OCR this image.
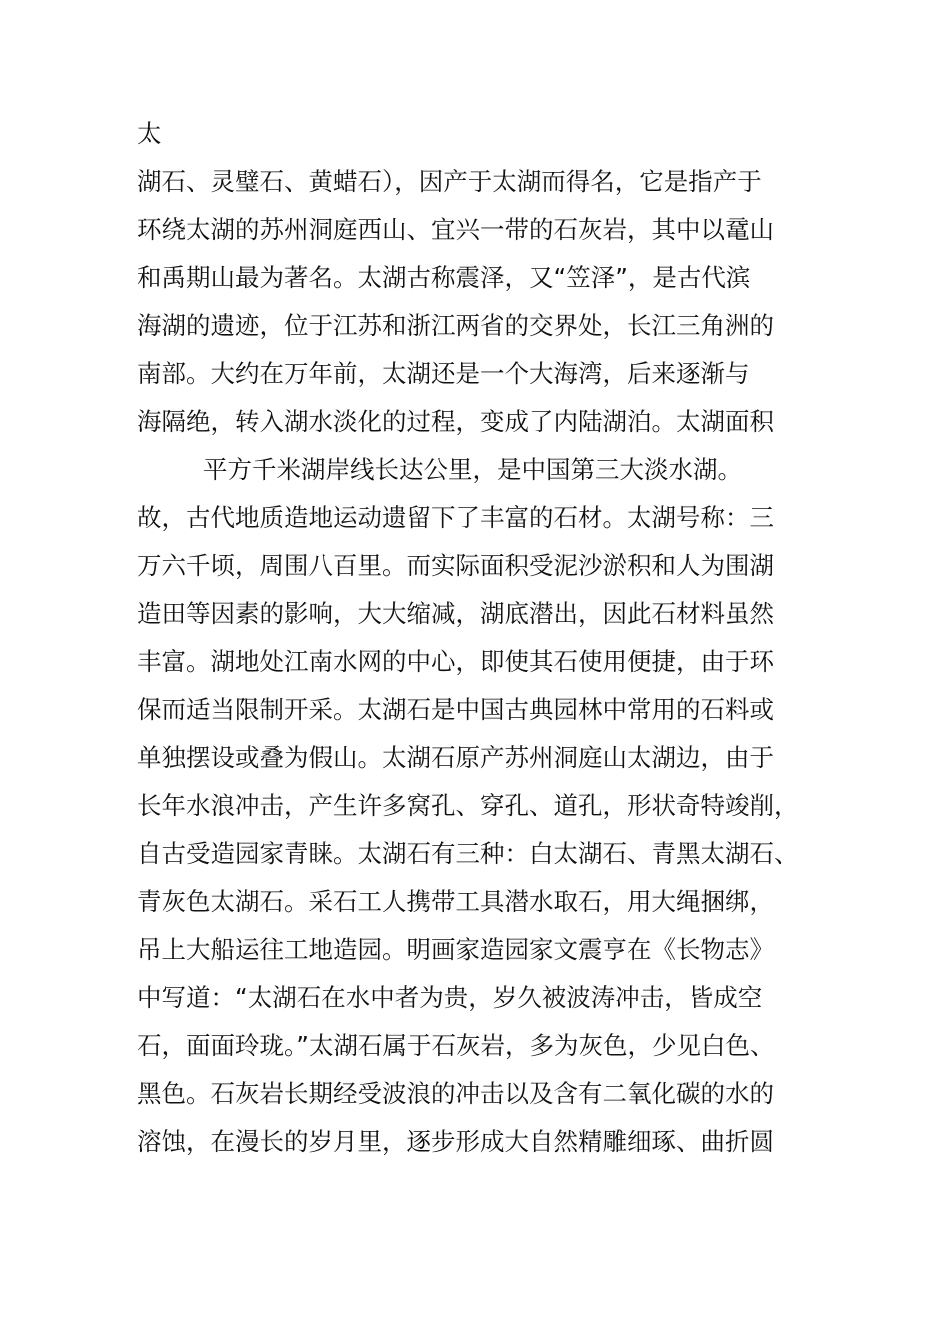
太
湖石、灵璧石、黄蜡石），因产于太湖而得名，它是指产于
环绕太湖的苏州洞庭西山、宜兴一带的石灰岩，其中以鼋山
和禹期山最为著名。太湖古称震泽，又“笠泽”，是古代滨
海湖的遗迹，位于江苏和浙江两省的交界处，长江三角洲的
南部。大约在万年前，太湖还是一个大海湾，后来逐渐与
海隔绝，转入湖水淡化的过程，变成了内陆湖泊。太湖面积
平方千米湖岸线长达公里，是中国第三大淡水湖。
故，古代地质造地运动遗留下了丰富的石材。太湖号称：三
万六千顷，周围八百里。而实际面积受泥沙淤积和人为围湖
造田等因素的影响，大大缩减，湖底潜出，因此石材料虽然
丰富。湖地处江南水网的中心，即使其石使用便捷，由于环
保而适当限制开采。太湖石是中国古典园林中常用的石料或
单独摆设或叠为假山。太湖石原产苏州洞庭山太湖边，由于
长年水浪冲击，产生许多窝孔、穿孔、道孔，形状奇特竣削，
自古受造园家青睐。太湖石有三种：白太湖石、青黑太湖石、
青灰色太湖石。采石工人携带工具潜水取石，用大绳捆绑，
吊上大船运往工地造园。明画家造园家文震亨在《长物志》
中写道：“太湖石在水中者为贵，岁久被波涛冲击，皆成空
石，面面玲珑。”太湖石属于石灰岩，多为灰色，少见白色、
黑色。石灰岩长期经受波浪的冲击以及含有二氧化碳的水的
溶蚀，在漫长的岁月里，逐步形成大自然精雕细琢、曲折圆
